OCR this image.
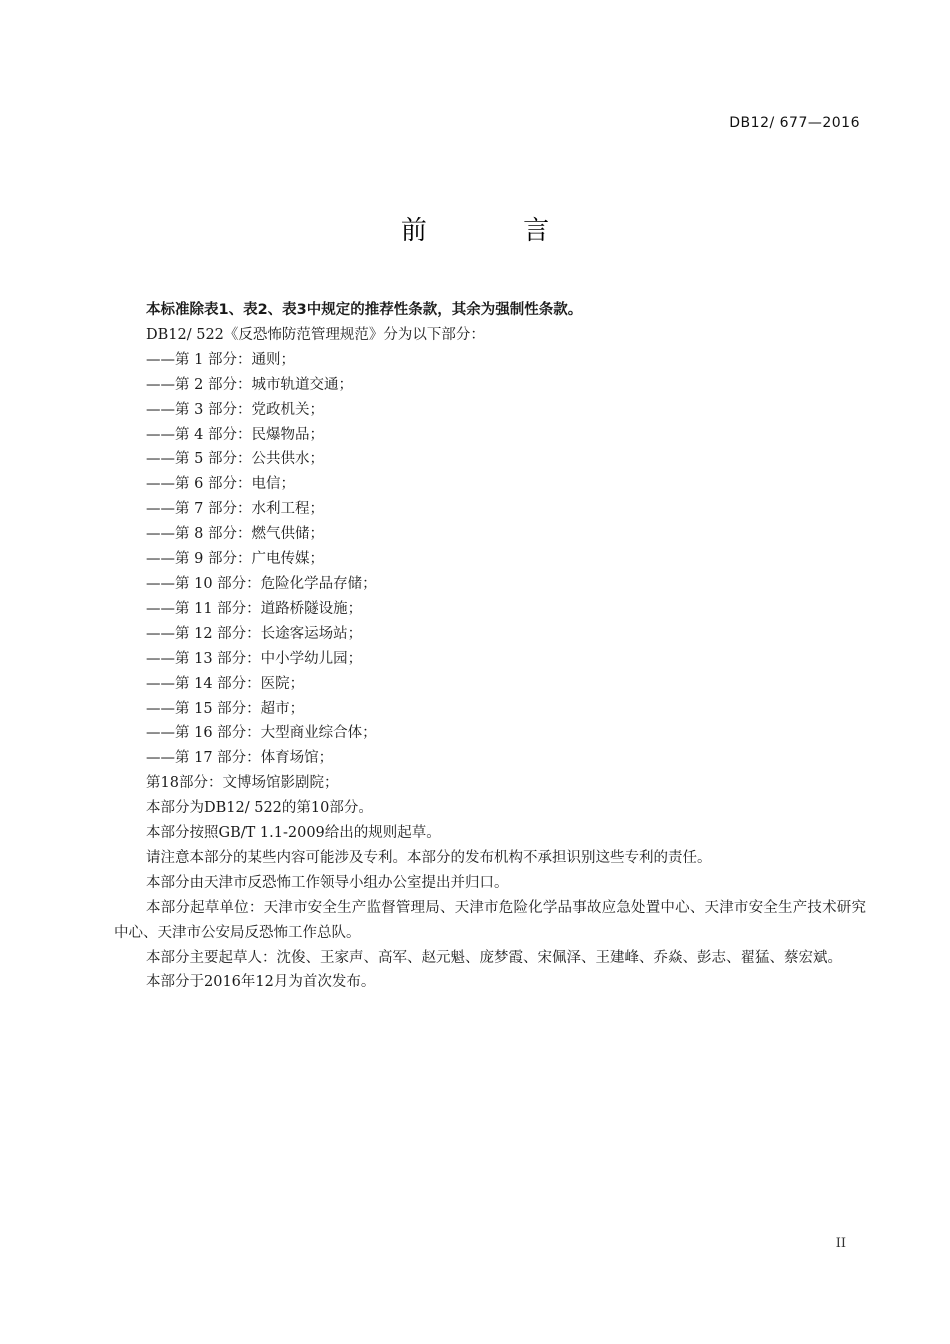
DB12/ 677—2016
前 言
本标准除表1、表2、表3中规定的推荐性条款，其余为强制性条款。
DB12/ 522《反恐怖防范管理规范》分为以下部分：
——第 1 部分：通则；
——第 2 部分：城市轨道交通；
——第 3 部分：党政机关；
——第 4 部分：民爆物品；
——第 5 部分：公共供水；
——第 6 部分：电信；
——第 7 部分：水利工程；
——第 8 部分：燃气供储；
——第 9 部分：广电传媒；
——第 10 部分：危险化学品存储；
——第 11 部分：道路桥隧设施；
——第 12 部分：长途客运场站；
——第 13 部分：中小学幼儿园；
——第 14 部分：医院；
——第 15 部分：超市；
——第 16 部分：大型商业综合体；
——第 17 部分：体育场馆；
第18部分：文博场馆影剧院；
本部分为DB12/ 522的第10部分。
本部分按照GB/T 1.1-2009给出的规则起草。
请注意本部分的某些内容可能涉及专利。本部分的发布机构不承担识别这些专利的责任。
本部分由天津市反恐怖工作领导小组办公室提出并归口。
本部分起草单位：天津市安全生产监督管理局、天津市危险化学品事故应急处置中心、天津市安全生产技术研究中心、天津市公安局反恐怖工作总队。
本部分主要起草人：沈俊、王家声、高军、赵元魁、庞梦霞、宋佩泽、王建峰、乔焱、彭志、翟猛、蔡宏斌。
本部分于2016年12月为首次发布。
II
